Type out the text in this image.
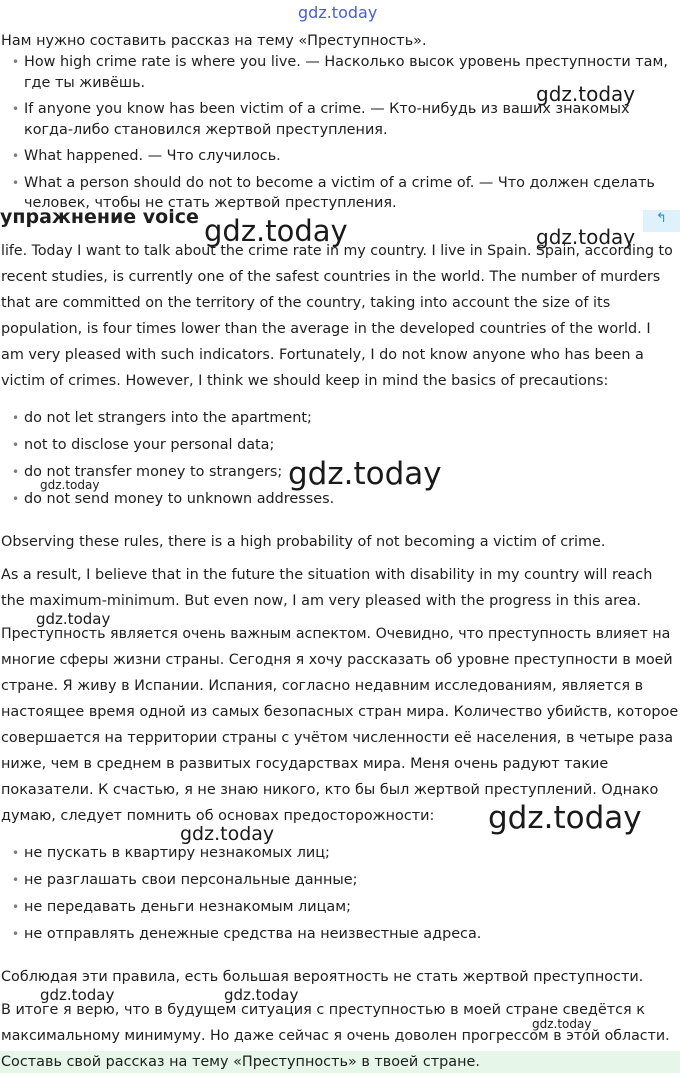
gdz.today
gdz.today
gdz.today	gdz.today
gdz.today
gdz.today
gdz.today
gdz.today
gdz.today
gdz.today	gdz.today
gdz.today
Нам нужно составить рассказ на тему «Преступность».
• How high crime rate is where you live. — Насколько высок уровень преступности там,
где ты живёшь.
• If anyone you know has been victim of a crime. — Кто-нибудь из ваших знакомых
когда-либо становился жертвой преступления.
• What happened. — Что случилось.
• What a person should do not to become a victim of a crime of. — Что должен сделать
человек, чтобы не стать жертвой преступления.
упражнение voice	↰
life. Today I want to talk about the crime rate in my country. I live in Spain. Spain, according to
recent studies, is currently one of the safest countries in the world. The number of murders
that are committed on the territory of the country, taking into account the size of its
population, is four times lower than the average in the developed countries of the world. I
am very pleased with such indicators. Fortunately, I do not know anyone who has been a
victim of crimes. However, I think we should keep in mind the basics of precautions:
• do not let strangers into the apartment;
• not to disclose your personal data;
• do not transfer money to strangers;
• do not send money to unknown addresses.
Observing these rules, there is a high probability of not becoming a victim of crime.
As a result, I believe that in the future the situation with disability in my country will reach
the maximum-minimum. But even now, I am very pleased with the progress in this area.
Преступность является очень важным аспектом. Очевидно, что преступность влияет на
многие сферы жизни страны. Сегодня я хочу рассказать об уровне преступности в моей
стране. Я живу в Испании. Испания, согласно недавним исследованиям, является в
настоящее время одной из самых безопасных стран мира. Количество убийств, которое
совершается на территории страны с учётом численности её населения, в четыре раза
ниже, чем в среднем в развитых государствах мира. Меня очень радуют такие
показатели. К счастью, я не знаю никого, кто бы был жертвой преступлений. Однако
думаю, следует помнить об основах предосторожности:
• не пускать в квартиру незнакомых лиц;
• не разглашать свои персональные данные;
• не передавать деньги незнакомым лицам;
• не отправлять денежные средства на неизвестные адреса.
Соблюдая эти правила, есть большая вероятность не стать жертвой преступности.
В итоге я верю, что в будущем ситуация с преступностью в моей стране сведётся к
максимальному минимуму. Но даже сейчас я очень доволен прогрессом в этой области.
Составь свой рассказ на тему «Преступность» в твоей стране.
